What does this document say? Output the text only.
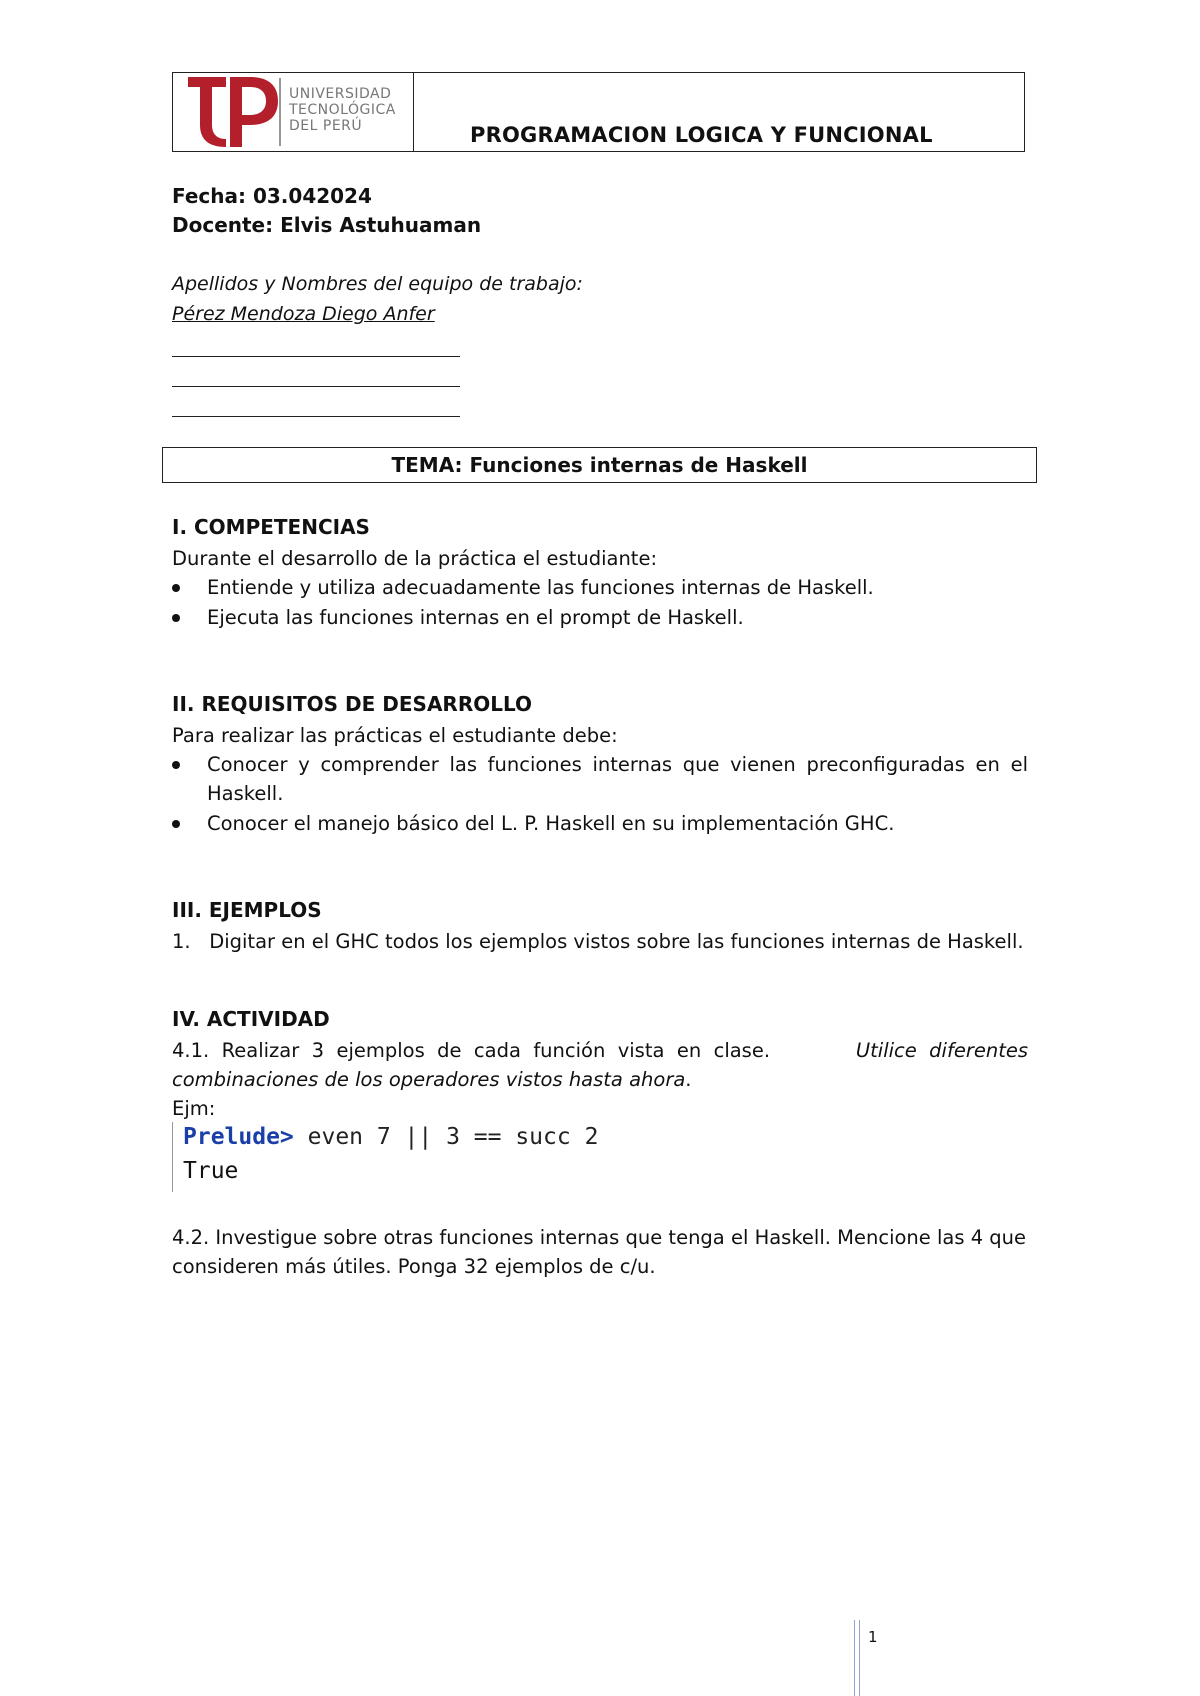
UNIVERSIDAD
TECNOLÓGICA
DEL PERÚ	PROGRAMACION LOGICA Y FUNCIONAL
Fecha: 03.042024
Docente: Elvis Astuhuaman
Apellidos y Nombres del equipo de trabajo:
Pérez Mendoza Diego Anfer
TEMA: Funciones internas de Haskell
I. COMPETENCIAS
Durante el desarrollo de la práctica el estudiante:
Entiende y utiliza adecuadamente las funciones internas de Haskell.
Ejecuta las funciones internas en el prompt de Haskell.
II. REQUISITOS DE DESARROLLO
Para realizar las prácticas el estudiante debe:
Conocer y comprender las funciones internas que vienen preconfiguradas en el Haskell.
Conocer el manejo básico del L. P. Haskell en su implementación GHC.
III. EJEMPLOS
1.   Digitar en el GHC todos los ejemplos vistos sobre las funciones internas de Haskell.
IV. ACTIVIDAD
4.1.  Realizar  3  ejemplos  de  cada  función  vista  en  clase.	Utilice  diferentes
combinaciones de los operadores vistos hasta ahora.
Ejm:
Prelude> even 7 || 3 == succ 2
True
4.2. Investigue sobre otras funciones internas que tenga el Haskell. Mencione las 4 que
consideren más útiles. Ponga 32 ejemplos de c/u.
1
